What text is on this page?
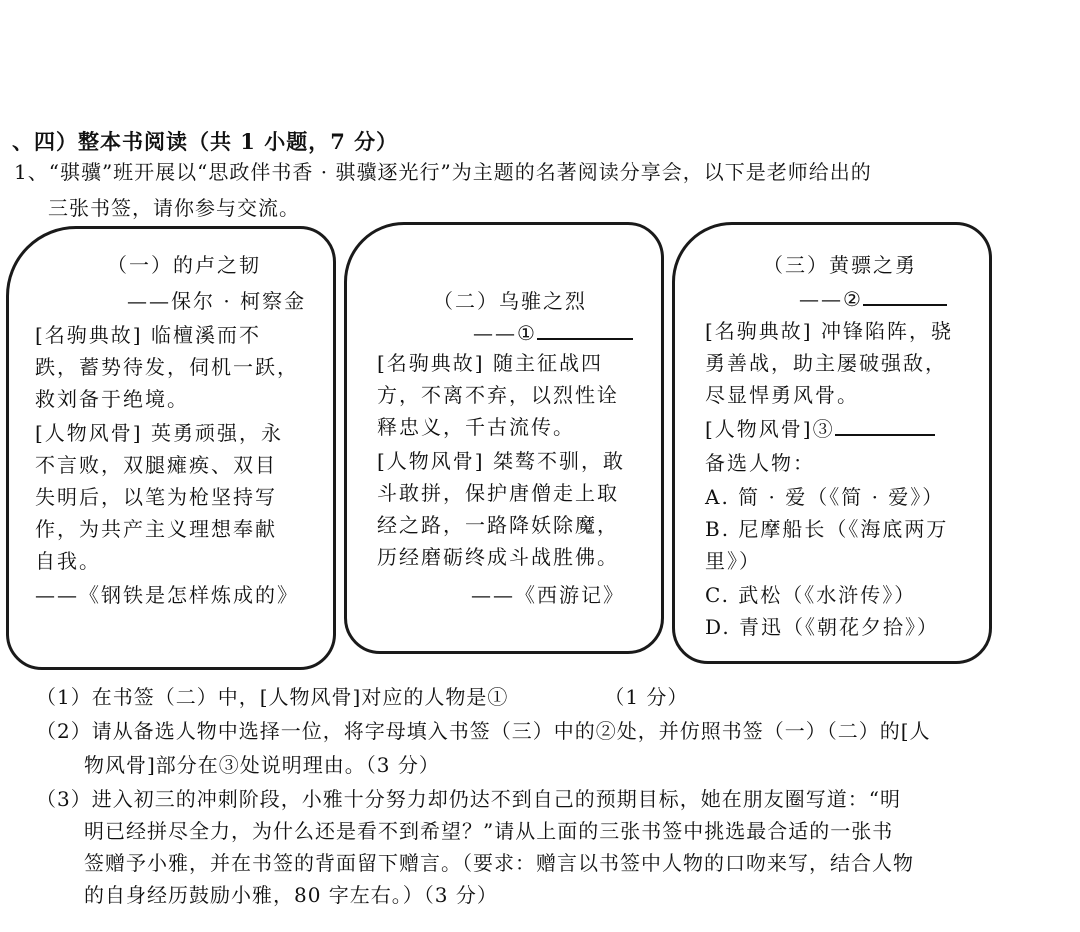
、四）整本书阅读（共 1 小题，7 分）
1、“骐骥”班开展以“思政伴书香 · 骐骥逐光行”为主题的名著阅读分享会，以下是老师给出的
三张书签，请你参与交流。
（一）的卢之韧
——保尔 · 柯察金
[名驹典故] 临檀溪而不
跌，蓄势待发，伺机一跃，
救刘备于绝境。
[人物风骨] 英勇顽强，永
不言败，双腿瘫痪、双目
失明后，以笔为枪坚持写
作，为共产主义理想奉献
自我。
——《钢铁是怎样炼成的》
（二）乌骓之烈
——①
[名驹典故] 随主征战四
方，不离不弃，以烈性诠
释忠义，千古流传。
[人物风骨] 桀骜不驯，敢
斗敢拼，保护唐僧走上取
经之路，一路降妖除魔，
历经磨砺终成斗战胜佛。
——《西游记》
（三）黄骠之勇
——②
[名驹典故] 冲锋陷阵，骁
勇善战，助主屡破强敌，
尽显悍勇风骨。
[人物风骨]③
备选人物：
A. 简 · 爱（《简 · 爱》）
B. 尼摩船长（《海底两万
里》）
C. 武松（《水浒传》）
D. 青迅（《朝花夕拾》）
（1）在书签（二）中，[人物风骨]对应的人物是①	（1 分）
（2）请从备选人物中选择一位，将字母填入书签（三）中的②处，并仿照书签（一）（二）的[人
物风骨]部分在③处说明理由。（3 分）
（3）进入初三的冲刺阶段，小雅十分努力却仍达不到自己的预期目标，她在朋友圈写道：“明
明已经拼尽全力，为什么还是看不到希望？”请从上面的三张书签中挑选最合适的一张书
签赠予小雅，并在书签的背面留下赠言。（要求：赠言以书签中人物的口吻来写，结合人物
的自身经历鼓励小雅，80 字左右。）（3 分）
